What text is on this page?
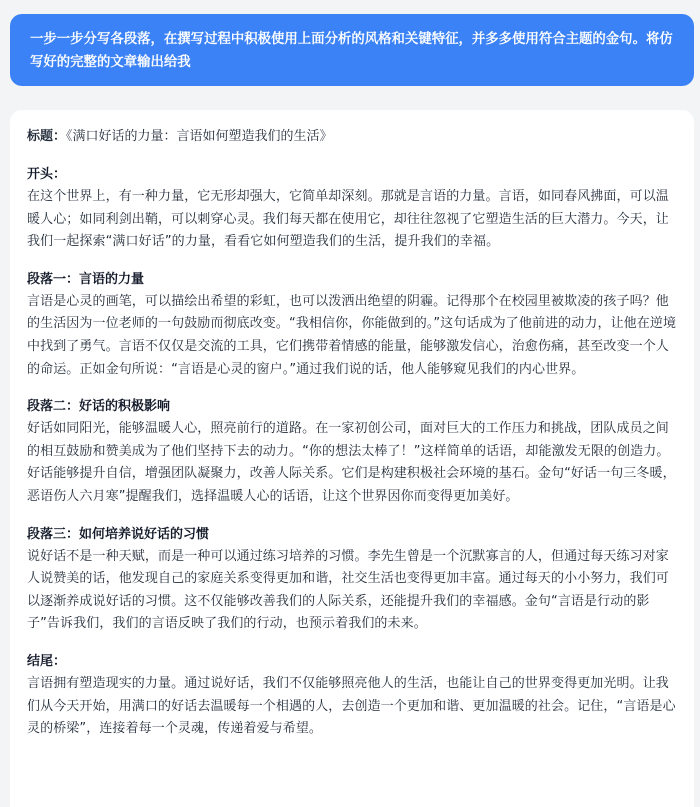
一步一步分写各段落，在撰写过程中积极使用上面分析的风格和关键特征，并多多使用符合主题的金句。将仿写好的完整的文章输出给我
标题：《满口好话的力量：言语如何塑造我们的生活》
开头：
在这个世界上，有一种力量，它无形却强大，它简单却深刻。那就是言语的力量。言语，如同春风拂面，可以温暖人心；如同利剑出鞘，可以刺穿心灵。我们每天都在使用它，却往往忽视了它塑造生活的巨大潜力。今天，让我们一起探索“满口好话”的力量，看看它如何塑造我们的生活，提升我们的幸福。
段落一：言语的力量
言语是心灵的画笔，可以描绘出希望的彩虹，也可以泼洒出绝望的阴霾。记得那个在校园里被欺凌的孩子吗？他的生活因为一位老师的一句鼓励而彻底改变。“我相信你，你能做到的。”这句话成为了他前进的动力，让他在逆境中找到了勇气。言语不仅仅是交流的工具，它们携带着情感的能量，能够激发信心，治愈伤痛，甚至改变一个人的命运。正如金句所说：“言语是心灵的窗户。”通过我们说的话，他人能够窥见我们的内心世界。
段落二：好话的积极影响
好话如同阳光，能够温暖人心，照亮前行的道路。在一家初创公司，面对巨大的工作压力和挑战，团队成员之间的相互鼓励和赞美成为了他们坚持下去的动力。“你的想法太棒了！”这样简单的话语，却能激发无限的创造力。好话能够提升自信，增强团队凝聚力，改善人际关系。它们是构建积极社会环境的基石。金句“好话一句三冬暖，恶语伤人六月寒”提醒我们，选择温暖人心的话语，让这个世界因你而变得更加美好。
段落三：如何培养说好话的习惯
说好话不是一种天赋，而是一种可以通过练习培养的习惯。李先生曾是一个沉默寡言的人，但通过每天练习对家人说赞美的话，他发现自己的家庭关系变得更加和谐，社交生活也变得更加丰富。通过每天的小小努力，我们可以逐渐养成说好话的习惯。这不仅能够改善我们的人际关系，还能提升我们的幸福感。金句“言语是行动的影子”告诉我们，我们的言语反映了我们的行动，也预示着我们的未来。
结尾：
言语拥有塑造现实的力量。通过说好话，我们不仅能够照亮他人的生活，也能让自己的世界变得更加光明。让我们从今天开始，用满口的好话去温暖每一个相遇的人，去创造一个更加和谐、更加温暖的社会。记住，“言语是心灵的桥梁”，连接着每一个灵魂，传递着爱与希望。
